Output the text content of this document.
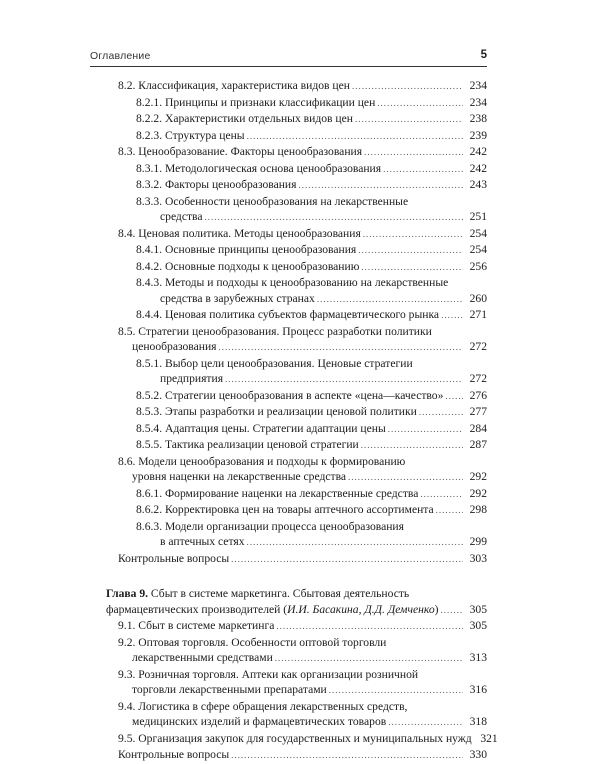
Оглавление	5
8.2. Классификация, характеристика видов цен .....	234
8.2.1. Принципы и признаки классификации цен .....	234
8.2.2. Характеристики отдельных видов цен .....	238
8.2.3. Структура цены .....	239
8.3. Ценообразование. Факторы ценообразования .....	242
8.3.1. Методологическая основа ценообразования .....	242
8.3.2. Факторы ценообразования .....	243
8.3.3. Особенности ценообразования на лекарственные
средства .....	251
8.4. Ценовая политика. Методы ценообразования .....	254
8.4.1. Основные принципы ценообразования .....	254
8.4.2. Основные подходы к ценообразованию .....	256
8.4.3. Методы и подходы к ценообразованию на лекарственные
средства в зарубежных странах .....	260
8.4.4. Ценовая политика субъектов фармацевтического рынка .....	271
8.5. Стратегии ценообразования. Процесс разработки политики
ценообразования .....	272
8.5.1. Выбор цели ценообразования. Ценовые стратегии
предприятия .....	272
8.5.2. Стратегии ценообразования в аспекте «цена—качество» .....	276
8.5.3. Этапы разработки и реализации ценовой политики .....	277
8.5.4. Адаптация цены. Стратегии адаптации цены .....	284
8.5.5. Тактика реализации ценовой стратегии .....	287
8.6. Модели ценообразования и подходы к формированию
уровня наценки на лекарственные средства .....	292
8.6.1. Формирование наценки на лекарственные средства .....	292
8.6.2. Корректировка цен на товары аптечного ассортимента .....	298
8.6.3. Модели организации процесса ценообразования
в аптечных сетях .....	299
Контрольные вопросы .....	303
Глава 9. Сбыт в системе маркетинга. Сбытовая деятельность
фармацевтических производителей (И.И. Басакина, Д.Д. Демченко) .....	305
9.1. Сбыт в системе маркетинга .....	305
9.2. Оптовая торговля. Особенности оптовой торговли
лекарственными средствами .....	313
9.3. Розничная торговля. Аптеки как организации розничной
торговли лекарственными препаратами .....	316
9.4. Логистика в сфере обращения лекарственных средств,
медицинских изделий и фармацевтических товаров .....	318
9.5. Организация закупок для государственных и муниципальных нужд 321
Контрольные вопросы .....	330
